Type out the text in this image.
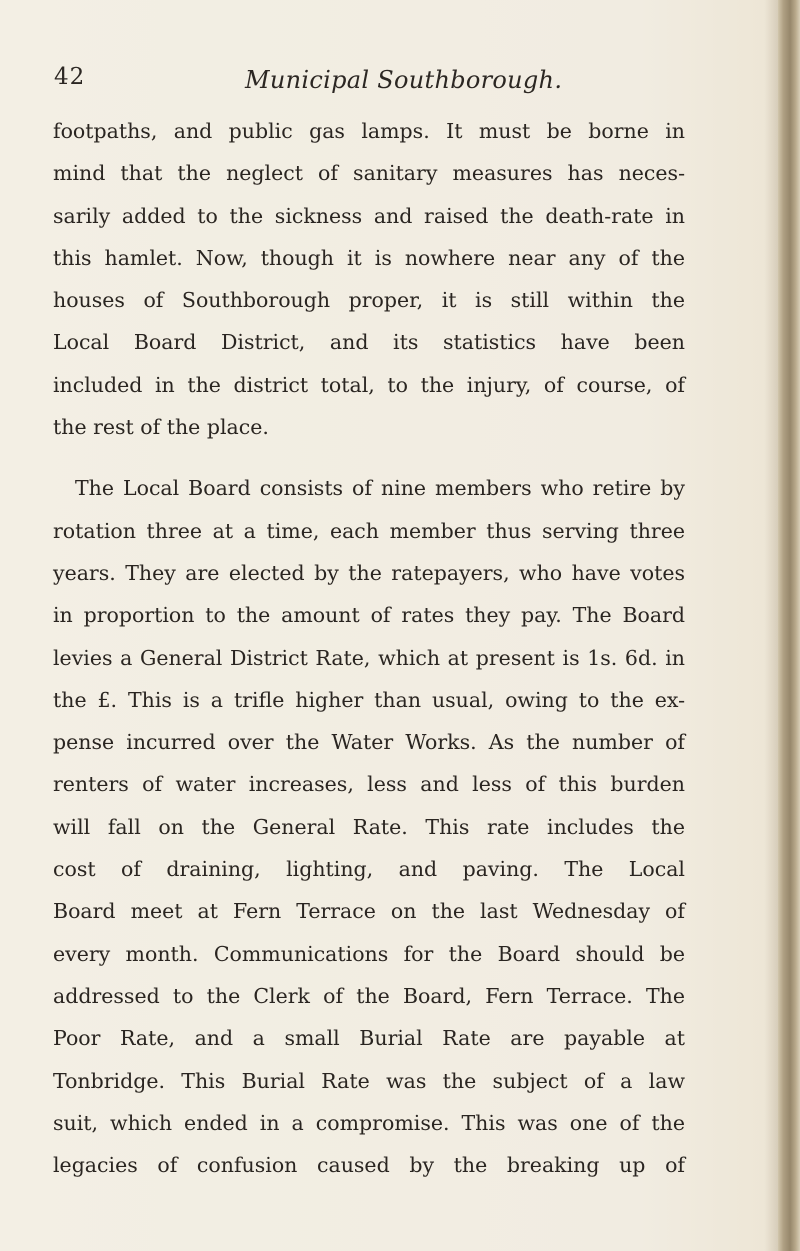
42	Municipal Southborough.
footpaths, and public gas lamps. It must be borne in
mind that the neglect of sanitary measures has neces-
sarily added to the sickness and raised the death-rate in
this hamlet. Now, though it is nowhere near any of the
houses of Southborough proper, it is still within the
Local Board District, and its statistics have been
included in the district total, to the injury, of course, of
the rest of the place.
The Local Board consists of nine members who retire by
rotation three at a time, each member thus serving three
years. They are elected by the ratepayers, who have votes
in proportion to the amount of rates they pay. The Board
levies a General District Rate, which at present is 1s. 6d. in
the £. This is a trifle higher than usual, owing to the ex-
pense incurred over the Water Works. As the number of
renters of water increases, less and less of this burden
will fall on the General Rate. This rate includes the
cost of draining, lighting, and paving. The Local
Board meet at Fern Terrace on the last Wednesday of
every month. Communications for the Board should be
addressed to the Clerk of the Board, Fern Terrace. The
Poor Rate, and a small Burial Rate are payable at
Tonbridge. This Burial Rate was the subject of a law
suit, which ended in a compromise. This was one of the
legacies of confusion caused by the breaking up of
